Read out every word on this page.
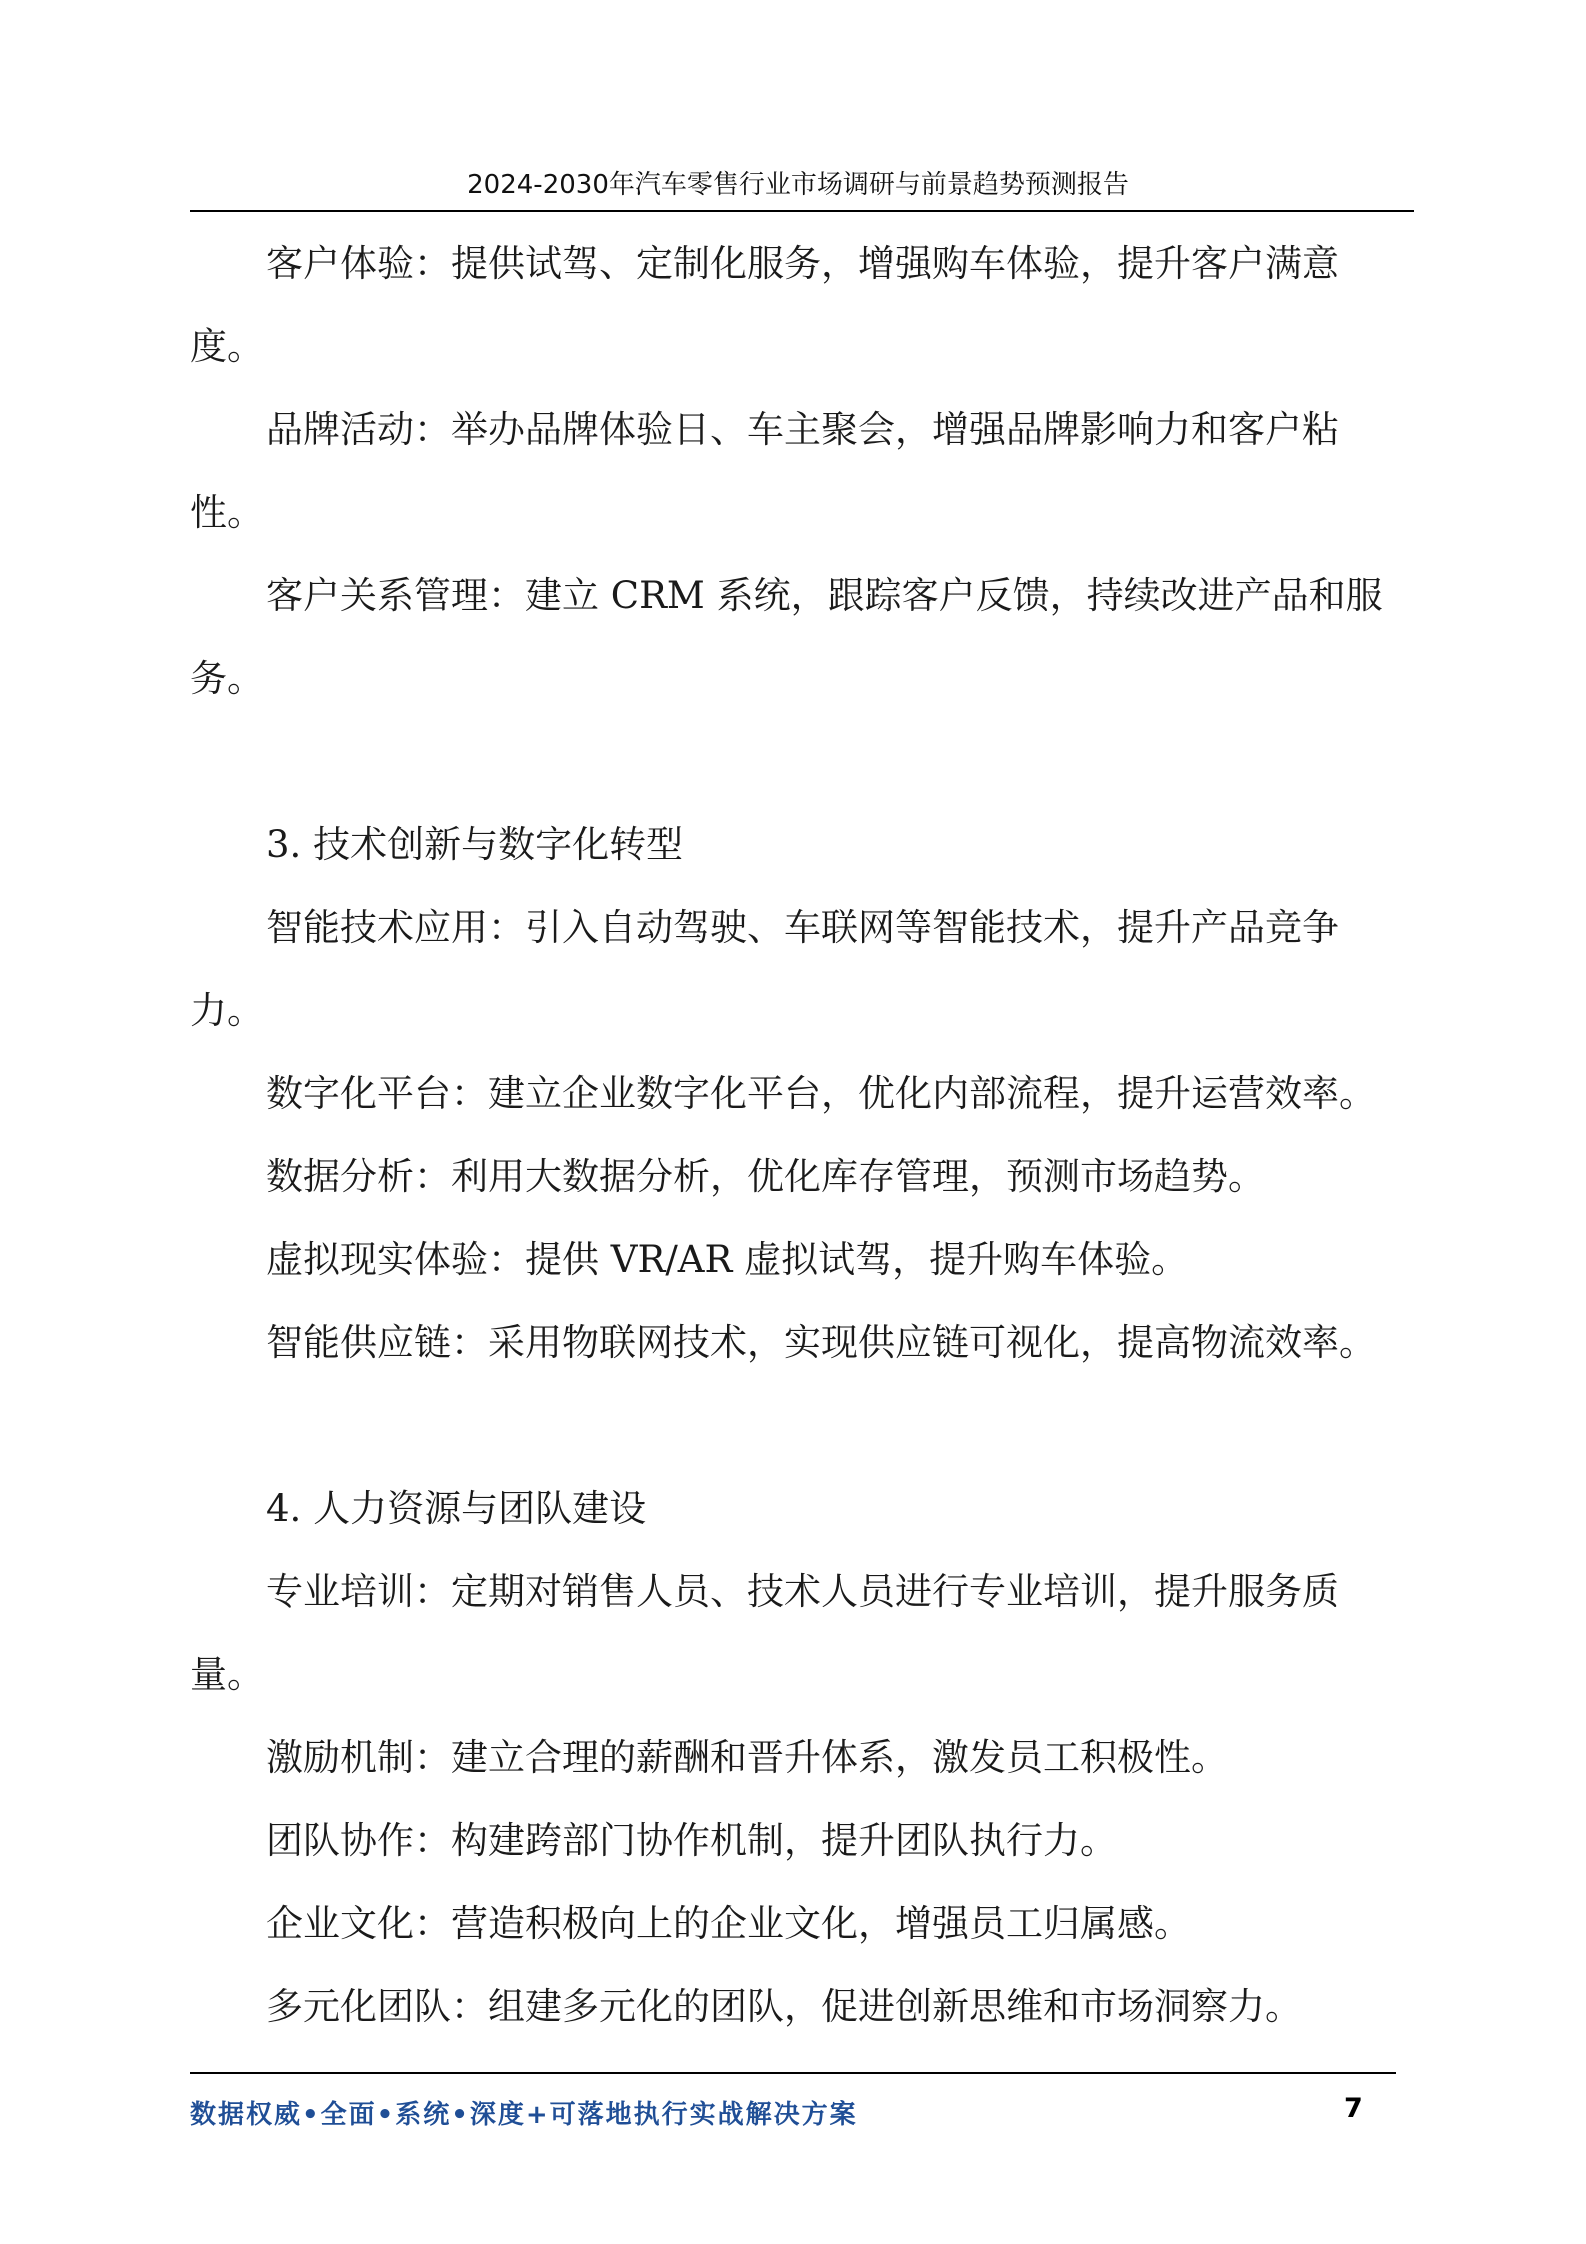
2024-2030年汽车零售行业市场调研与前景趋势预测报告
客户体验：提供试驾、定制化服务，增强购车体验，提升客户满意
度。
品牌活动：举办品牌体验日、车主聚会，增强品牌影响力和客户粘
性。
客户关系管理：建立 CRM 系统，跟踪客户反馈，持续改进产品和服
务。
3. 技术创新与数字化转型
智能技术应用：引入自动驾驶、车联网等智能技术，提升产品竞争
力。
数字化平台：建立企业数字化平台，优化内部流程，提升运营效率。
数据分析：利用大数据分析，优化库存管理，预测市场趋势。
虚拟现实体验：提供 VR/AR 虚拟试驾，提升购车体验。
智能供应链：采用物联网技术，实现供应链可视化，提高物流效率。
4. 人力资源与团队建设
专业培训：定期对销售人员、技术人员进行专业培训，提升服务质
量。
激励机制：建立合理的薪酬和晋升体系，激发员工积极性。
团队协作：构建跨部门协作机制，提升团队执行力。
企业文化：营造积极向上的企业文化，增强员工归属感。
多元化团队：组建多元化的团队，促进创新思维和市场洞察力。
数据权威•全面•系统•深度+可落地执行实战解决方案	7
